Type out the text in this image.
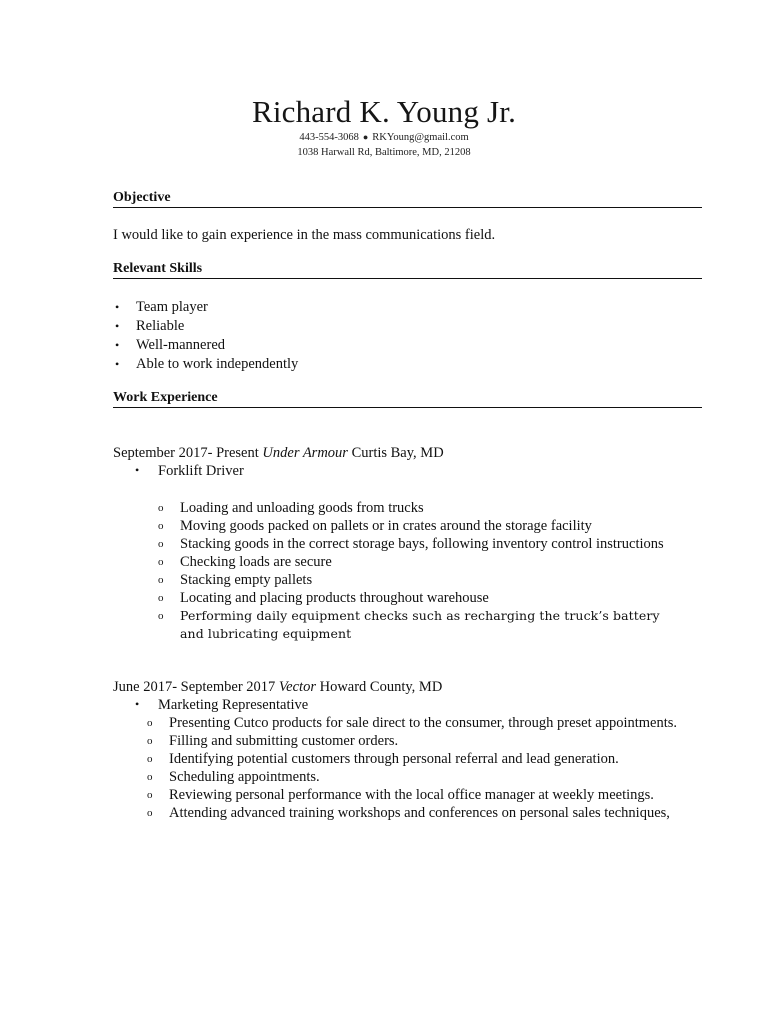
Richard K. Young Jr.
443-554-3068 ● RKYoung@gmail.com
1038 Harwall Rd, Baltimore, MD, 21208
Objective
I would like to gain experience in the mass communications field.
Relevant Skills
• Team player
• Reliable
• Well-mannered
• Able to work independently
Work Experience
September 2017- Present Under Armour Curtis Bay, MD
• Forklift Driver
o Loading and unloading goods from trucks
o Moving goods packed on pallets or in crates around the storage facility
o Stacking goods in the correct storage bays, following inventory control instructions
o Checking loads are secure
o Stacking empty pallets
o Locating and placing products throughout warehouse
o Performing daily equipment checks such as recharging the truck’s battery and lubricating equipment
June 2017- September 2017 Vector Howard County, MD
• Marketing Representative
o Presenting Cutco products for sale direct to the consumer, through preset appointments.
o Filling and submitting customer orders.
o Identifying potential customers through personal referral and lead generation.
o Scheduling appointments.
o Reviewing personal performance with the local office manager at weekly meetings.
o Attending advanced training workshops and conferences on personal sales techniques,
